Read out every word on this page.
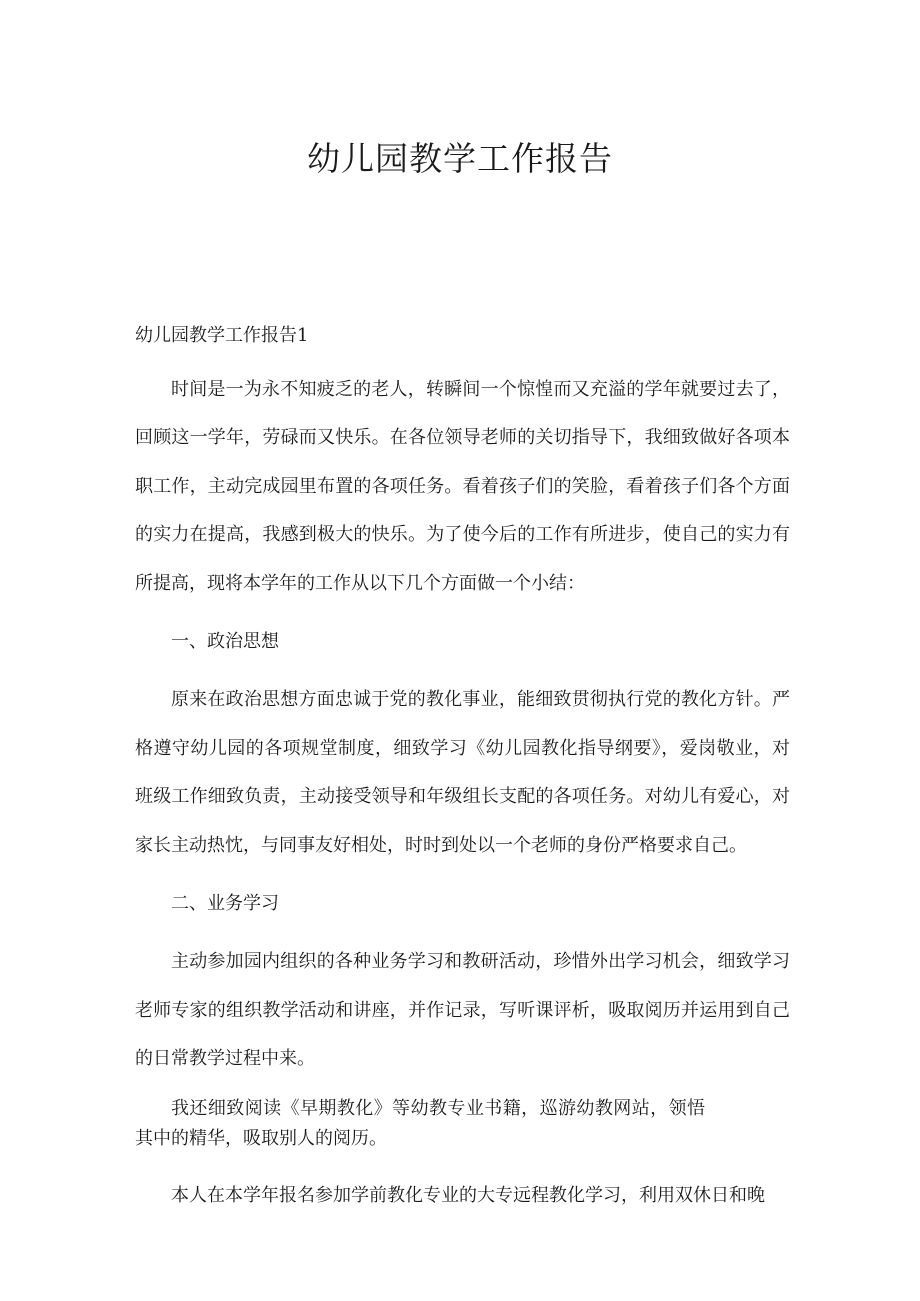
幼儿园教学工作报告
幼儿园教学工作报告1

时间是一为永不知疲乏的老人，转瞬间一个惊惶而又充溢的学年就要过去了，回顾这一学年，劳碌而又快乐。在各位领导老师的关切指导下，我细致做好各项本职工作，主动完成园里布置的各项任务。看着孩子们的笑脸，看着孩子们各个方面的实力在提高，我感到极大的快乐。为了使今后的工作有所进步，使自己的实力有所提高，现将本学年的工作从以下几个方面做一个小结：

一、政治思想

原来在政治思想方面忠诚于党的教化事业，能细致贯彻执行党的教化方针。严格遵守幼儿园的各项规堂制度，细致学习《幼儿园教化指导纲要》，爱岗敬业，对班级工作细致负责，主动接受领导和年级组长支配的各项任务。对幼儿有爱心，对家长主动热忱，与同事友好相处，时时到处以一个老师的身份严格要求自己。

二、业务学习

主动参加园内组织的各种业务学习和教研活动，珍惜外出学习机会，细致学习老师专家的组织教学活动和讲座，并作记录，写听课评析，吸取阅历并运用到自己的日常教学过程中来。

我还细致阅读《早期教化》等幼教专业书籍，巡游幼教网站，领悟其中的精华，吸取别人的阅历。

本人在本学年报名参加学前教化专业的大专远程教化学习，利用双休日和晚
